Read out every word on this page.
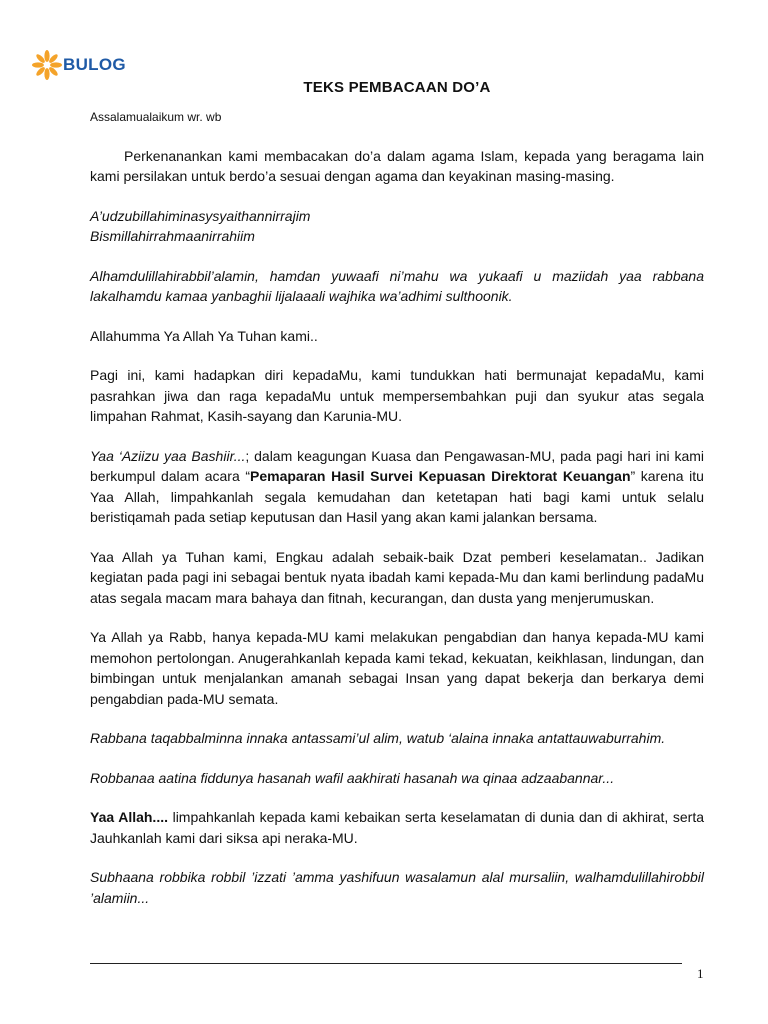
BULOG
TEKS PEMBACAAN DO’A

Assalamualaikum wr. wb

Perkenanankan kami membacakan do’a dalam agama Islam, kepada yang beragama lain kami persilakan untuk berdo’a sesuai dengan agama dan keyakinan masing-masing.

A’udzubillahiminasysyaithannirrajim

Bismillahirrahmaanirrahiim

Alhamdulillahirabbil’alamin, hamdan yuwaafi ni’mahu wa yukaafi u maziidah yaa rabbana lakalhamdu kamaa yanbaghii lijalaaali wajhika wa’adhimi sulthoonik.

Allahumma Ya Allah Ya Tuhan kami..

Pagi ini, kami hadapkan diri kepadaMu, kami tundukkan hati bermunajat kepadaMu, kami pasrahkan jiwa dan raga kepadaMu untuk mempersembahkan puji dan syukur atas segala limpahan Rahmat, Kasih-sayang dan Karunia-MU.

Yaa ‘Aziizu yaa Bashiir...; dalam keagungan Kuasa dan Pengawasan-MU, pada pagi hari ini kami berkumpul dalam acara “Pemaparan Hasil Survei Kepuasan Direktorat Keuangan” karena itu Yaa Allah, limpahkanlah segala kemudahan dan ketetapan hati bagi kami untuk selalu beristiqamah pada setiap keputusan dan Hasil yang akan kami jalankan bersama.

Yaa Allah ya Tuhan kami, Engkau adalah sebaik-baik Dzat pemberi keselamatan.. Jadikan kegiatan pada pagi ini sebagai bentuk nyata ibadah kami kepada-Mu dan kami berlindung padaMu atas segala macam mara bahaya dan fitnah, kecurangan, dan dusta yang menjerumuskan.

Ya Allah ya Rabb, hanya kepada-MU kami melakukan pengabdian dan hanya kepada-MU kami memohon pertolongan. Anugerahkanlah kepada kami tekad, kekuatan, keikhlasan, lindungan, dan bimbingan untuk menjalankan amanah sebagai Insan yang dapat bekerja dan berkarya demi pengabdian pada-MU semata.

Rabbana taqabbalminna innaka antassami’ul alim, watub ‘alaina innaka antattauwaburrahim.

Robbanaa aatina fiddunya hasanah wafil aakhirati hasanah wa qinaa adzaabannar...

Yaa Allah.... limpahkanlah kepada kami kebaikan serta keselamatan di dunia dan di akhirat, serta Jauhkanlah kami dari siksa api neraka-MU.

Subhaana robbika robbil ’izzati ’amma yashifuun wasalamun alal mursaliin, walhamdulillahirobbil ’alamiin...

1
